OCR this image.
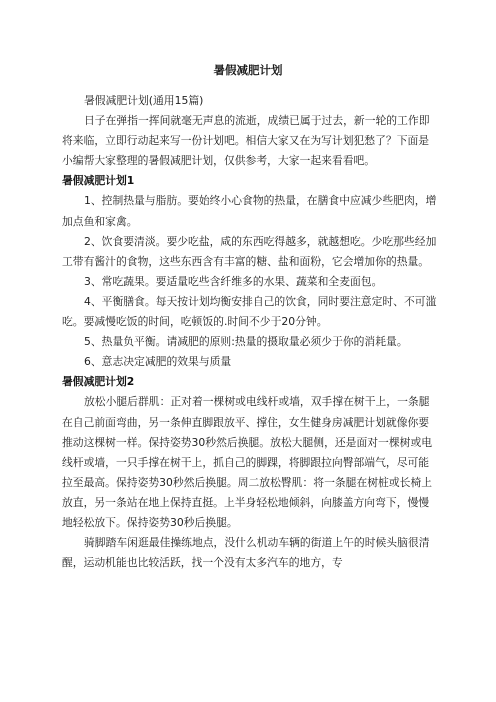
暑假减肥计划

暑假减肥计划(通用15篇)

日子在弹指一挥间就毫无声息的流逝，成绩已属于过去，新一轮的工作即将来临，立即行动起来写一份计划吧。相信大家又在为写计划犯愁了？下面是小编帮大家整理的暑假减肥计划，仅供参考，大家一起来看看吧。

暑假减肥计划1

1、控制热量与脂肪。要始终小心食物的热量，在膳食中应减少些肥肉，增加点鱼和家禽。

2、饮食要清淡。要少吃盐，咸的东西吃得越多，就越想吃。少吃那些经加工带有酱汁的食物，这些东西含有丰富的糖、盐和面粉，它会增加你的热量。

3、常吃蔬果。要适量吃些含纤维多的水果、蔬菜和全麦面包。

4、平衡膳食。每天按计划均衡安排自己的饮食，同时要注意定时、不可滥吃。要减慢吃饭的时间，吃顿饭的.时间不少于20分钟。

5、热量负平衡。请减肥的原则:热量的摄取量必须少于你的消耗量。

6、意志决定减肥的效果与质量

暑假减肥计划2

放松小腿后群肌：正对着一棵树或电线杆或墙，双手撑在树干上，一条腿在自己前面弯曲，另一条伸直脚跟放平、撑住，女生健身房减肥计划就像你要推动这棵树一样。保持姿势30秒然后换腿。放松大腿侧，还是面对一棵树或电线杆或墙，一只手撑在树干上，抓自己的脚踝，将脚跟拉向臀部端气，尽可能拉至最高。保持姿势30秒然后换腿。周二放松臀肌：将一条腿在树桩或长椅上放直，另一条站在地上保持直挺。上半身轻松地倾斜，向膝盖方向弯下，慢慢地轻松放下。保持姿势30秒后换腿。

骑脚踏车闲逛最佳操练地点，没什么机动车辆的街道上午的时候头脑很清醒，运动机能也比较活跃，找一个没有太多汽车的地方，专
